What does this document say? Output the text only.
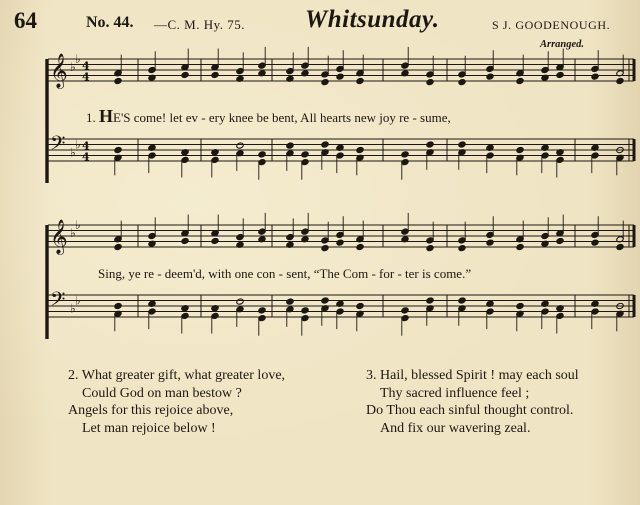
64	No. 44. —C. M. Hy. 75. Whitsunday.	S J. GOODENOUGH.
Arranged.
𝄞 ♭
♭
4
4
𝄢 ♭
♭ 4
4
𝄞 ♭
♭
𝄢 ♭
♭
1. HE'S come! let ev - ery knee be bent, All hearts new joy re - sume,
Sing, ye re - deem'd, with one con - sent, “The Com - for - ter is come.”
2. What greater gift, what greater love,
Could God on man bestow ?
Angels for this rejoice above,
Let man rejoice below !
3. Hail, blessed Spirit ! may each soul
Thy sacred influence feel ;
Do Thou each sinful thought control.
And fix our wavering zeal.
